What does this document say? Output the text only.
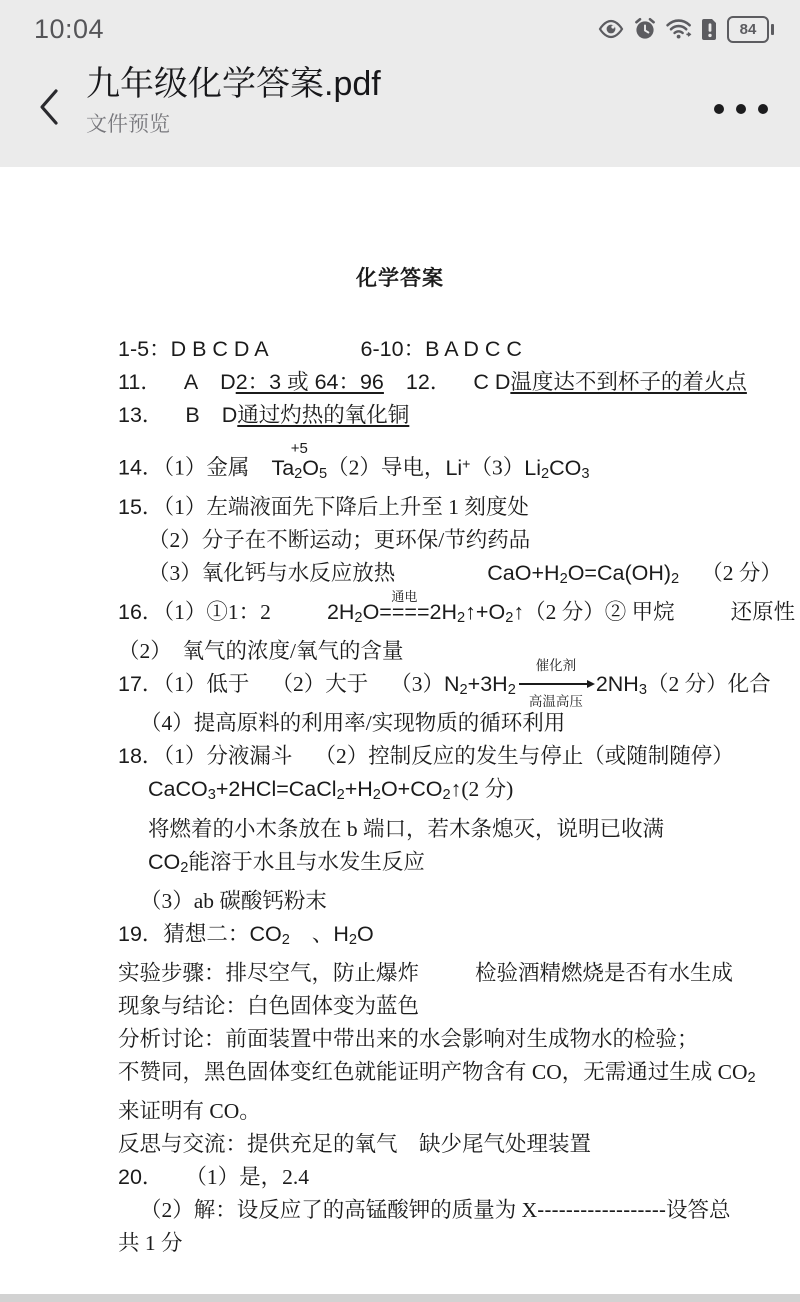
10:04	84
九年级化学答案.pdf
文件预览
化学答案

1-5：D B C D A	6-10：B A D C C

11． A D2：3 或 64：96 12． C D温度达不到杯子的着火点

13． B D通过灼热的氧化铜

14．（1）金属
+5
$Ta_2O_5(2)$导电，$Li^+(3)Li_2CO_3$

15．（1）左端液面先下降后上升至 1 刻度处

（2）分子在不断运动；更环保/节约药品

（3）氧化钙与水反应放热	$CaO+H_2O=Ca(OH)_2$ （2 分）

16．（1）①1：2	$2H_2O$
通电
$====2H_2↑+O_2↑(2$ 分）② 甲烷	还原性

（2）　氧气的浓度/氧气的含量

17．（1）低于 （2）大于 $(3)N_2+3H_2$
催化剂
高温高压
$2NH_3(2$ 分）化合

（4）提高原料的利用率/实现物质的循环利用

18．（1）分液漏斗 （2）控制反应的发生与停止（或随制随停）

$CaCO_3+2HCl=CaCl_2+H_2O+CO_2↑(2$ 分)

将燃着的小木条放在 b 端口，若木条熄灭，说明已收满

$CO_2$能溶于水且与水发生反应

（3）ab 碳酸钙粉末

19．猜想二：$CO_2$ 、$H_2O$

实验步骤：排尽空气，防止爆炸	检验酒精燃烧是否有水生成

现象与结论：白色固体变为蓝色

分析讨论：前面装置中带出来的水会影响对生成物水的检验；

不赞同，黑色固体变红色就能证明产物含有 CO，无需通过生成 $CO_2$

来证明有 CO。

反思与交流：提供充足的氧气　缺少尾气处理装置

20． （1）是，2.4

（2）解：设反应了的高锰酸钾的质量为 X------------------设答总

共 1 分
